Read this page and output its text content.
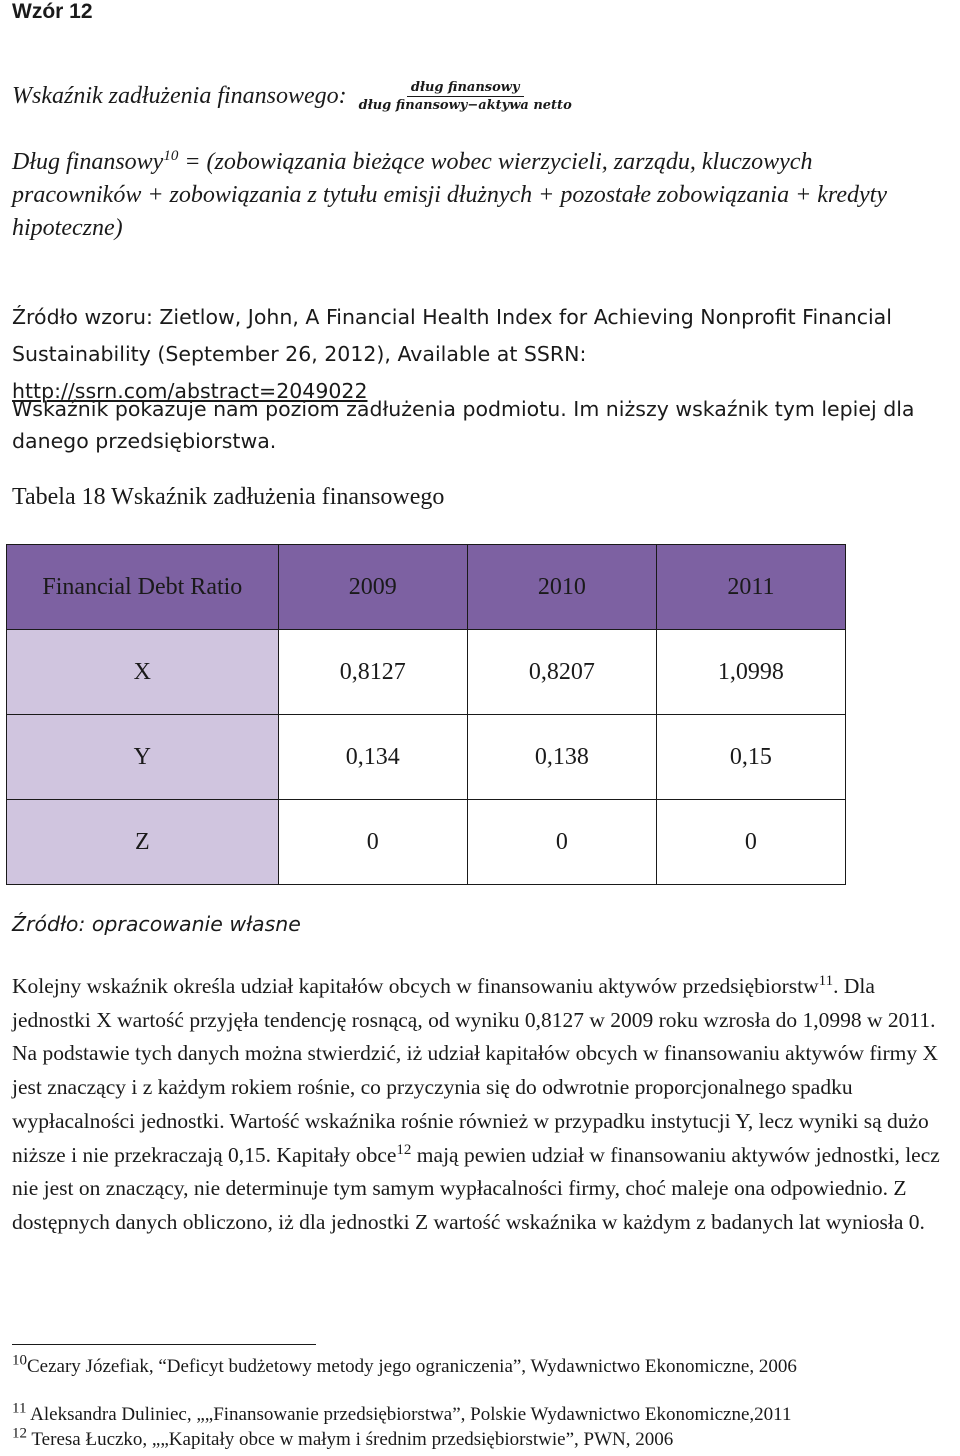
Wzór 12
Wskaźnik zadłużenia finansowego: $\frac{\text{dług finansowy}}{\text{dług finansowy−aktywa netto}}$
Dług finansowy$^{10}$ = (zobowiązania bieżące wobec wierzycieli, zarządu, kluczowych pracowników + zobowiązania z tytułu emisji dłużnych + pozostałe zobowiązania + kredyty hipoteczne)
Źródło wzoru: Zietlow, John, A Financial Health Index for Achieving Nonprofit Financial Sustainability (September 26, 2012), Available at SSRN: http://ssrn.com/abstract=2049022
Wskaźnik pokazuje nam poziom zadłużenia podmiotu. Im niższy wskaźnik tym lepiej dla danego przedsiębiorstwa.
Tabela 18 Wskaźnik zadłużenia finansowego
Financial Debt Ratio	2009	2010	2011
X	0,8127	0,8207	1,0998
Y	0,134	0,138	0,15
Z	0	0	0
Źródło: opracowanie własne
Kolejny wskaźnik określa udział kapitałów obcych w finansowaniu aktywów przedsiębiorstw$^{11}$. Dla jednostki X wartość przyjęła tendencję rosnącą, od wyniku 0,8127 w 2009 roku wzrosła do 1,0998 w 2011. Na podstawie tych danych można stwierdzić, iż udział kapitałów obcych w finansowaniu aktywów firmy X jest znaczący i z każdym rokiem rośnie, co przyczynia się do odwrotnie proporcjonalnego spadku wypłacalności jednostki. Wartość wskaźnika rośnie również w przypadku instytucji Y, lecz wyniki są dużo niższe i nie przekraczają 0,15. Kapitały obce$^{12}$ mają pewien udział w finansowaniu aktywów jednostki, lecz nie jest on znaczący, nie determinuje tym samym wypłacalności firmy, choć maleje ona odpowiednio. Z dostępnych danych obliczono, iż dla jednostki Z wartość wskaźnika w każdym z badanych lat wyniosła 0.
$^{10}$Cezary Józefiak, “Deficyt budżetowy metody jego ograniczenia”, Wydawnictwo Ekonomiczne, 2006
$^{11}$ Aleksandra Duliniec, „„Finansowanie przedsiębiorstwa”, Polskie Wydawnictwo Ekonomiczne,2011
$^{12}$ Teresa Łuczko, „„Kapitały obce w małym i średnim przedsiębiorstwie”, PWN, 2006
